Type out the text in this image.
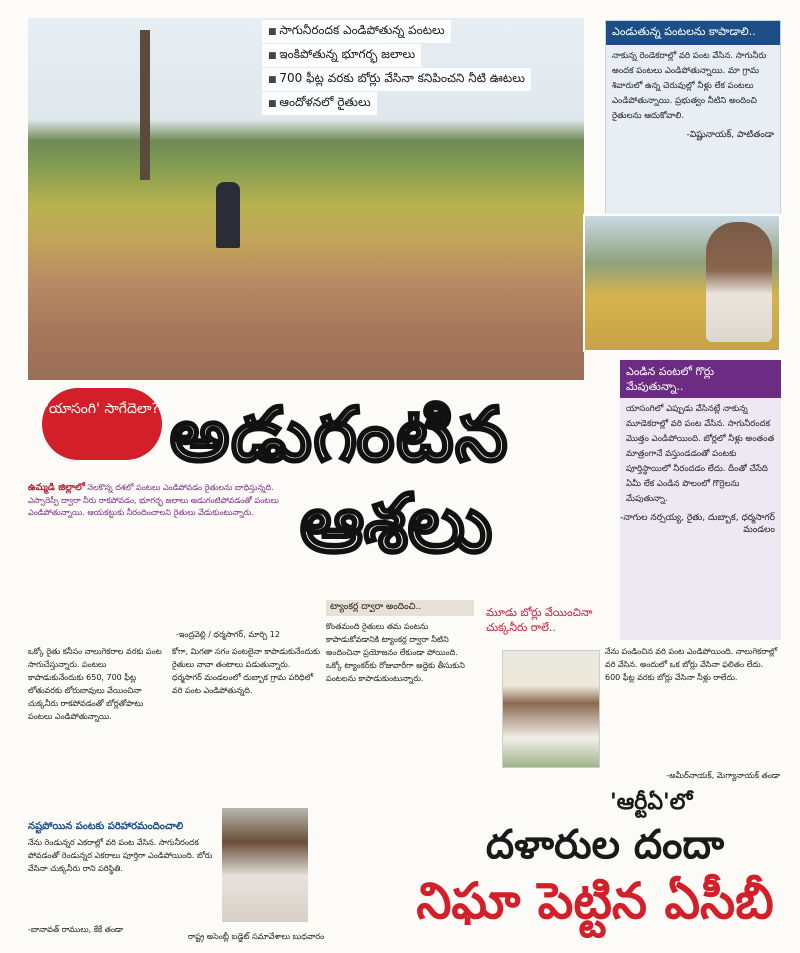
■ సాగునీరందక ఎండిపోతున్న పంటలు
■ ఇంకిపోతున్న భూగర్భ జలాలు
■ 700 ఫీట్ల వరకు బోర్లు వేసినా కనిపించని నీటి ఊటలు
■ ఆందోళనలో రైతులు
ఎండుతున్న పంటలను కాపాడాలి..
నాకున్న రెండెకరాల్లో వరి పంట వేసిన. సాగునీరు అందక పంటలు ఎండిపోతున్నాయి. మా గ్రామ శివారులో ఉన్న చెరువుల్లో నీళ్లు లేక పంటలు ఎండిపోతున్నాయి. ప్రభుత్వం నీటిని అందించి రైతులను ఆదుకోవాలి.
-విష్ణునాయక్, పాటితండా
ఎండిన పంటలో గొర్లు మేపుతున్నా..
యాసంగిలో ఎప్పుడు వేసినట్లే నాకున్న మూడెకరాల్లో వరి పంట వేసిన. సాగునీరందక మొత్తం ఎండిపోయింది. బోర్లలో నీళ్లు అంతంత మాత్రంగానే వస్తుండడంతో పంటకు పూర్తిస్థాయిలో నీరందడం లేదు. దీంతో చేసేది ఏమీ లేక ఎండిన పొలంలో గొర్రెలను మేపుతున్నా.
-నాగుల నర్సయ్య, రైతు, దుబ్బాక, ధర్మసాగర్ మండలం
'యాసంగి' సాగేదెలా? అడుగంటిన
ఆశలు
ఉమ్మడి జిల్లాలో నెలకొన్న దశలో పంటలు ఎండిపోవడం రైతులను బాధిస్తున్నది. ఎస్సారెస్పీ ద్వారా నీరు రాకపోవడం, భూగర్భ జలాలు అడుగంటిపోవడంతో పంటలు ఎండిపోతున్నాయి. ఆయకట్టుకు నీరందించాలని రైతులు వేడుకుంటున్నారు.
-ఇంద్రవెల్లి / ధర్మసాగర్, మార్చి 12
ఒక్కో రైతు కనీసం నాలుగెకరాల వరకు పంట సాగుచేస్తున్నారు. పంటలు కాపాడుకునేందుకు 650, 700 ఫీట్ల లోతువరకు బోరుబావులు వేయించినా చుక్కనీరు రాకపోవడంతో బోర్లతోపాటు పంటలు ఎండిపోతున్నాయి.
కోగా, మిగతా సగం పంటలైనా కాపాడుకునేందుకు రైతులు నానా తంటాలు పడుతున్నారు. ధర్మసాగర్ మండలంలో దుబ్బాక గ్రామ పరిధిలో వరి పంట ఎండిపోతున్నది.
ట్యాంకర్ల ద్వారా అందించి..
కొంతమంది రైతులు తమ పంటను కాపాడుకోవడానికి ట్యాంకర్ల ద్వారా నీటిని అందించినా ప్రయోజనం లేకుండా పోయింది. ఒక్కో ట్యాంకర్‌కు రోజువారీగా అద్దెకు తీసుకుని పంటలను కాపాడుకుంటున్నారు.
మూడు బోర్లు వేయించినా చుక్కనీరు రాలే..
నేను పండించిన వరి పంట ఎండిపోయింది. నాలుగెకరాల్లో వరి వేసిన. అందులో ఒక బోర్లు వేసినా ఫలితం లేదు. 600 ఫీట్ల వరకు బోర్లు వేసినా నీళ్లు రాలేదు.
-అమీర్‌నాయక్, మెగ్యానాయక్ తండా
'ఆర్టీఏ'లో
దళారుల దందా
నిఘా పెట్టిన ఏసీబీ
నష్టపోయిన పంటకు పరిహారమందించాలి
నేను రెండున్నర ఎకరాల్లో వరి పంట వేసిన. సాగునీరందక పోవడంతో రెండున్నర ఎకరాలు పూర్తిగా ఎండిపోయింది. బోరు వేసినా చుక్కనీరు రాని పరిస్థితి.
-బానావత్ రాములు, కేకే తండా
రాష్ట్ర అసెంబ్లీ బడ్జెట్ సమావేశాలు బుధవారం
